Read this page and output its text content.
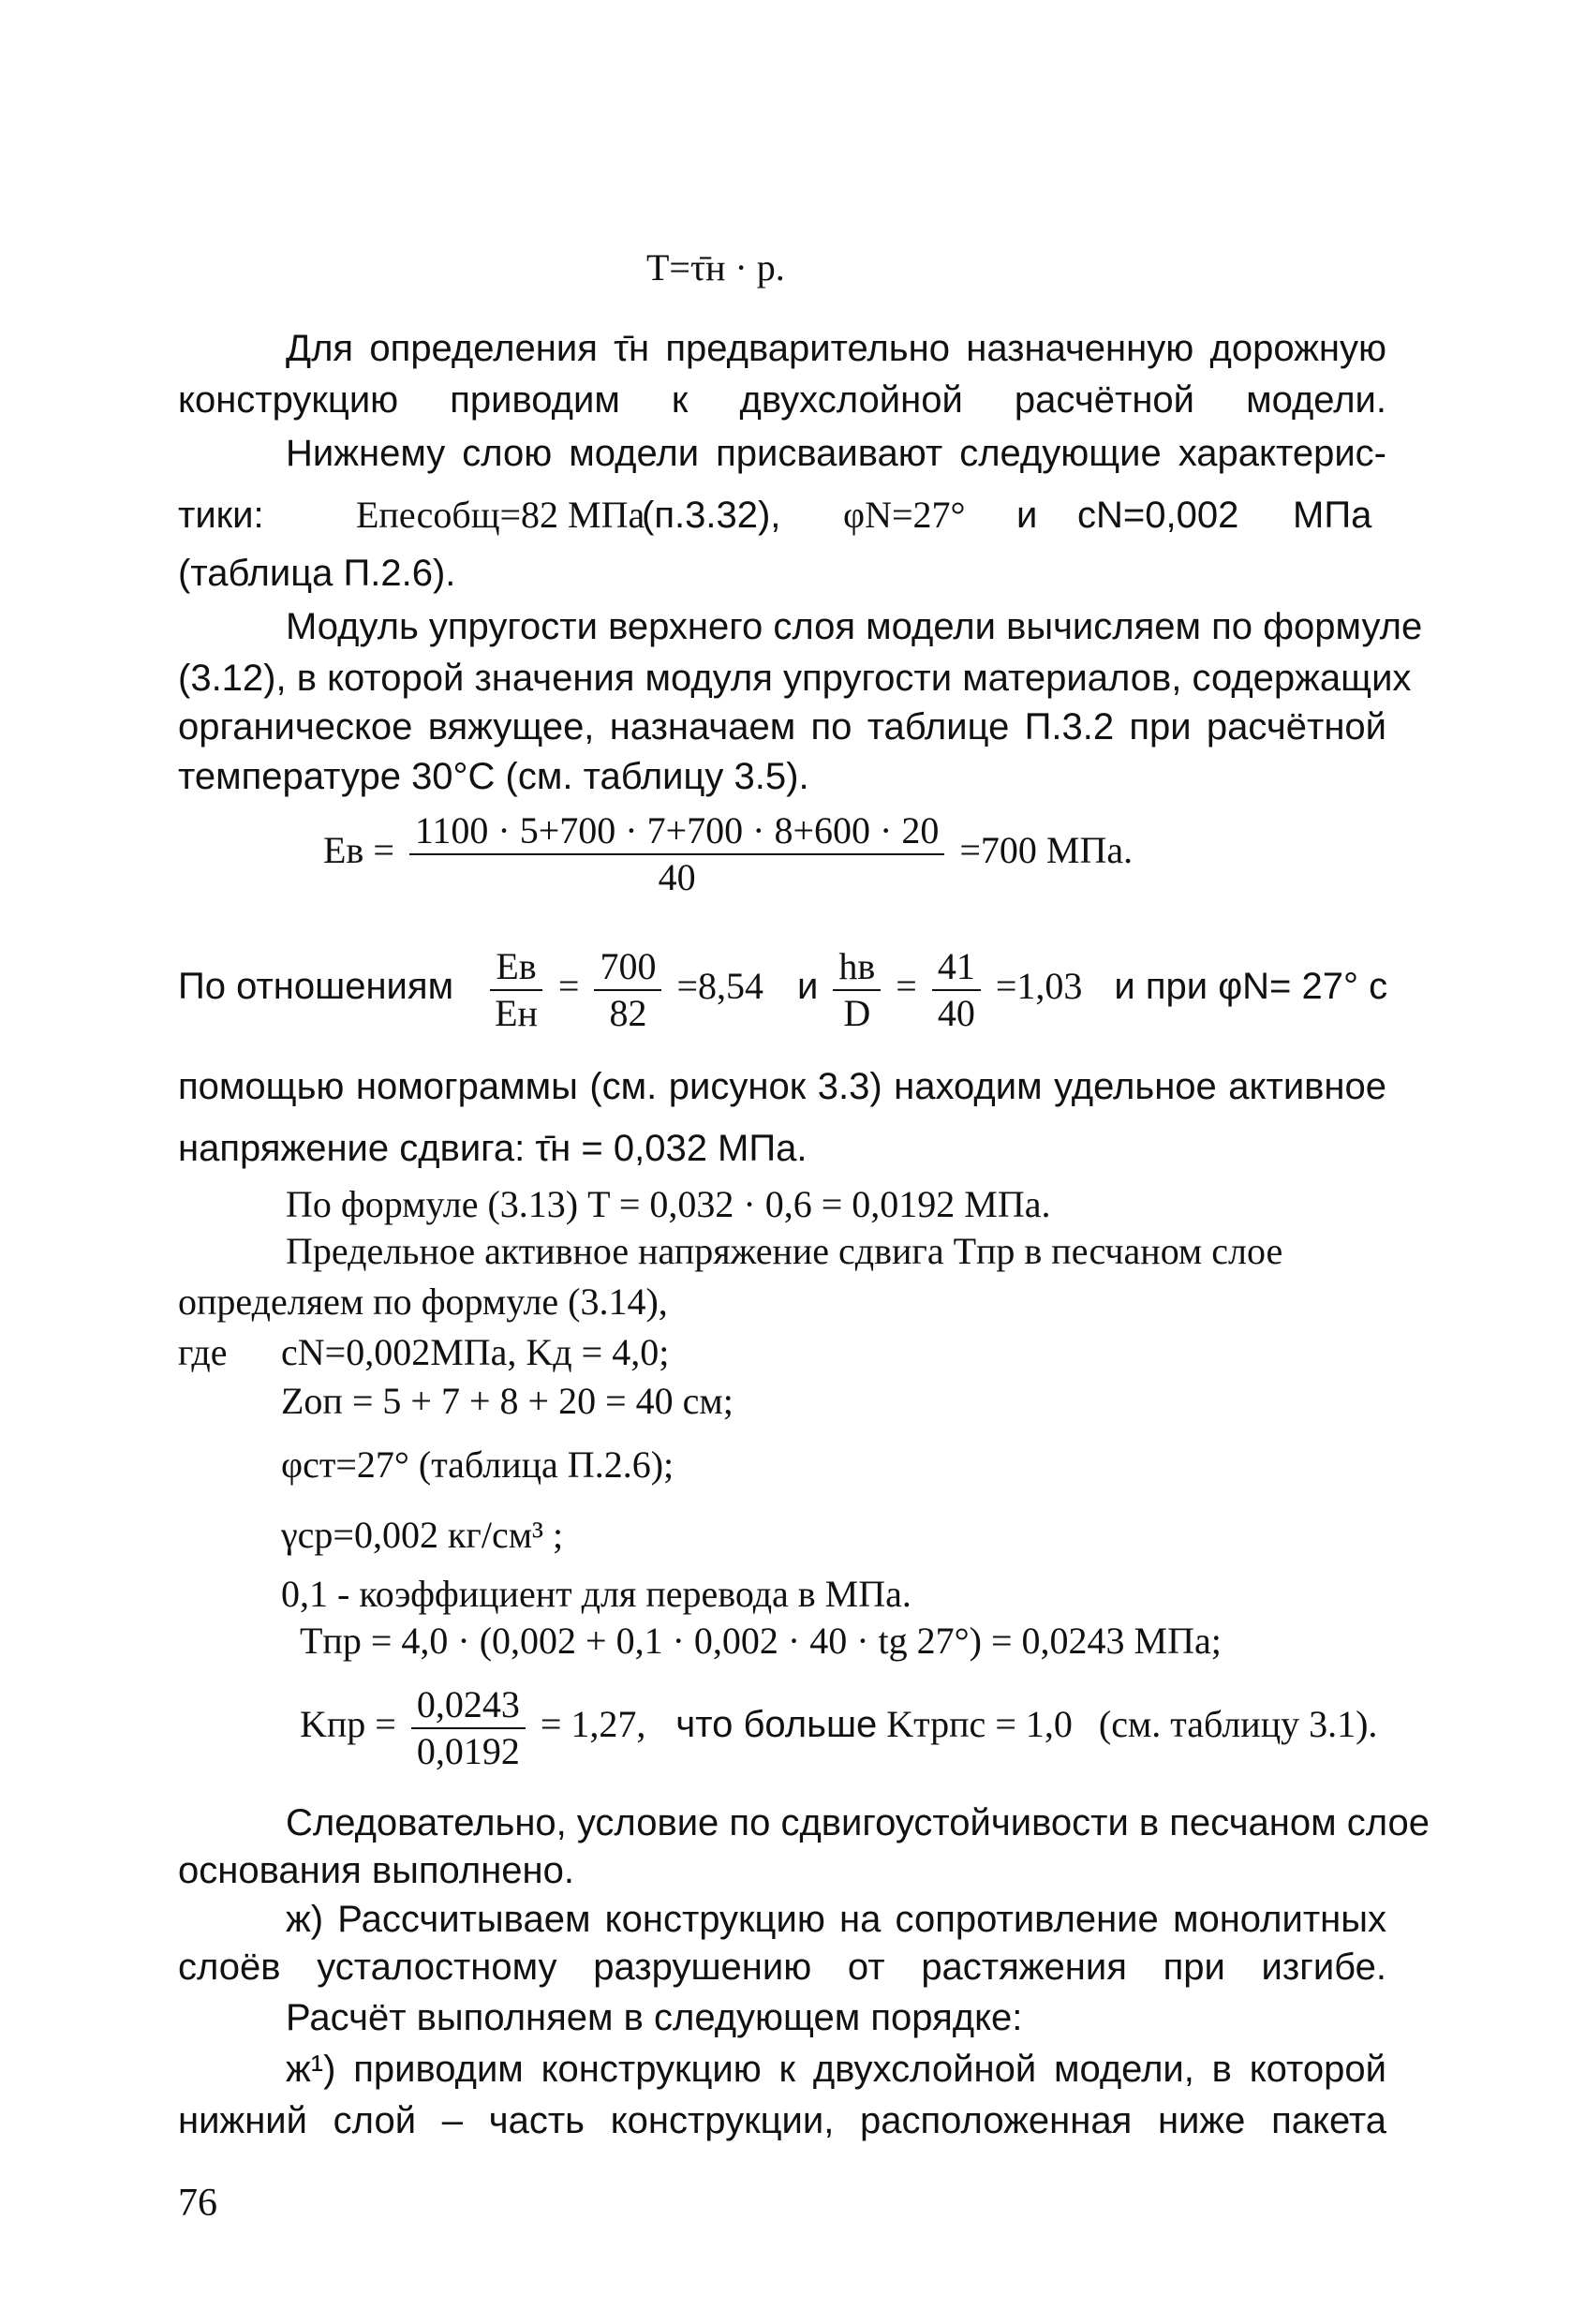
T=τ̄н · р.
Для определения τ̄н предварительно назначенную дорожную
конструкцию приводим к двухслойной расчётной модели.
Нижнему слою модели присваивают следующие характерис-
тики: Eпесобщ=82 МПа
(п.3.32), φN=27° и cN=0,002 МПа
(таблица П.2.6).
Модуль упругости верхнего слоя модели вычисляем по формуле
(3.12), в которой значения модуля упругости материалов, содержащих
органическое вяжущее, назначаем по таблице П.3.2 при расчётной
температуре 30°С (см. таблицу 3.5).
Eв = $\frac{1100 \cdot 5+700 \cdot 7+700 \cdot 8+600 \cdot 20}{40} =700$ МПа.
По отношениям $\frac{Eв}{Eн} = \frac{700}{82} =8,54$ и $\frac{hв}{D} = \frac{41}{40} =1,03$ и при φN= 27° с
помощью номограммы (см. рисунок 3.3) находим удельное активное
напряжение сдвига: τ̄н = 0,032 МПа.
По формуле (3.13) T = 0,032 · 0,6 = 0,0192 МПа.
Предельное активное напряжение сдвига Tпр в песчаном слое
определяем по формуле (3.14),
где cN=0,002МПа, Kд = 4,0;
Zоп = 5 + 7 + 8 + 20 = 40 см;
φст=27° (таблица П.2.6);
γср=0,002 кг/см³ ;
0,1 - коэффициент для перевода в МПа.
Tпр = 4,0 · (0,002 + 0,1 · 0,002 · 40 · tg 27°) = 0,0243 МПа;
Kпр = $\frac{0,0243}{0,0192} = 1,27$, что больше Kтрпс = 1,0 (см. таблицу 3.1).
Следовательно, условие по сдвигоустойчивости в песчаном слое
основания выполнено.
ж) Рассчитываем конструкцию на сопротивление монолитных
слоёв усталостному разрушению от растяжения при изгибе.
Расчёт выполняем в следующем порядке:
ж¹) приводим конструкцию к двухслойной модели, в которой
нижний слой – часть конструкции, расположенная ниже пакета
76
